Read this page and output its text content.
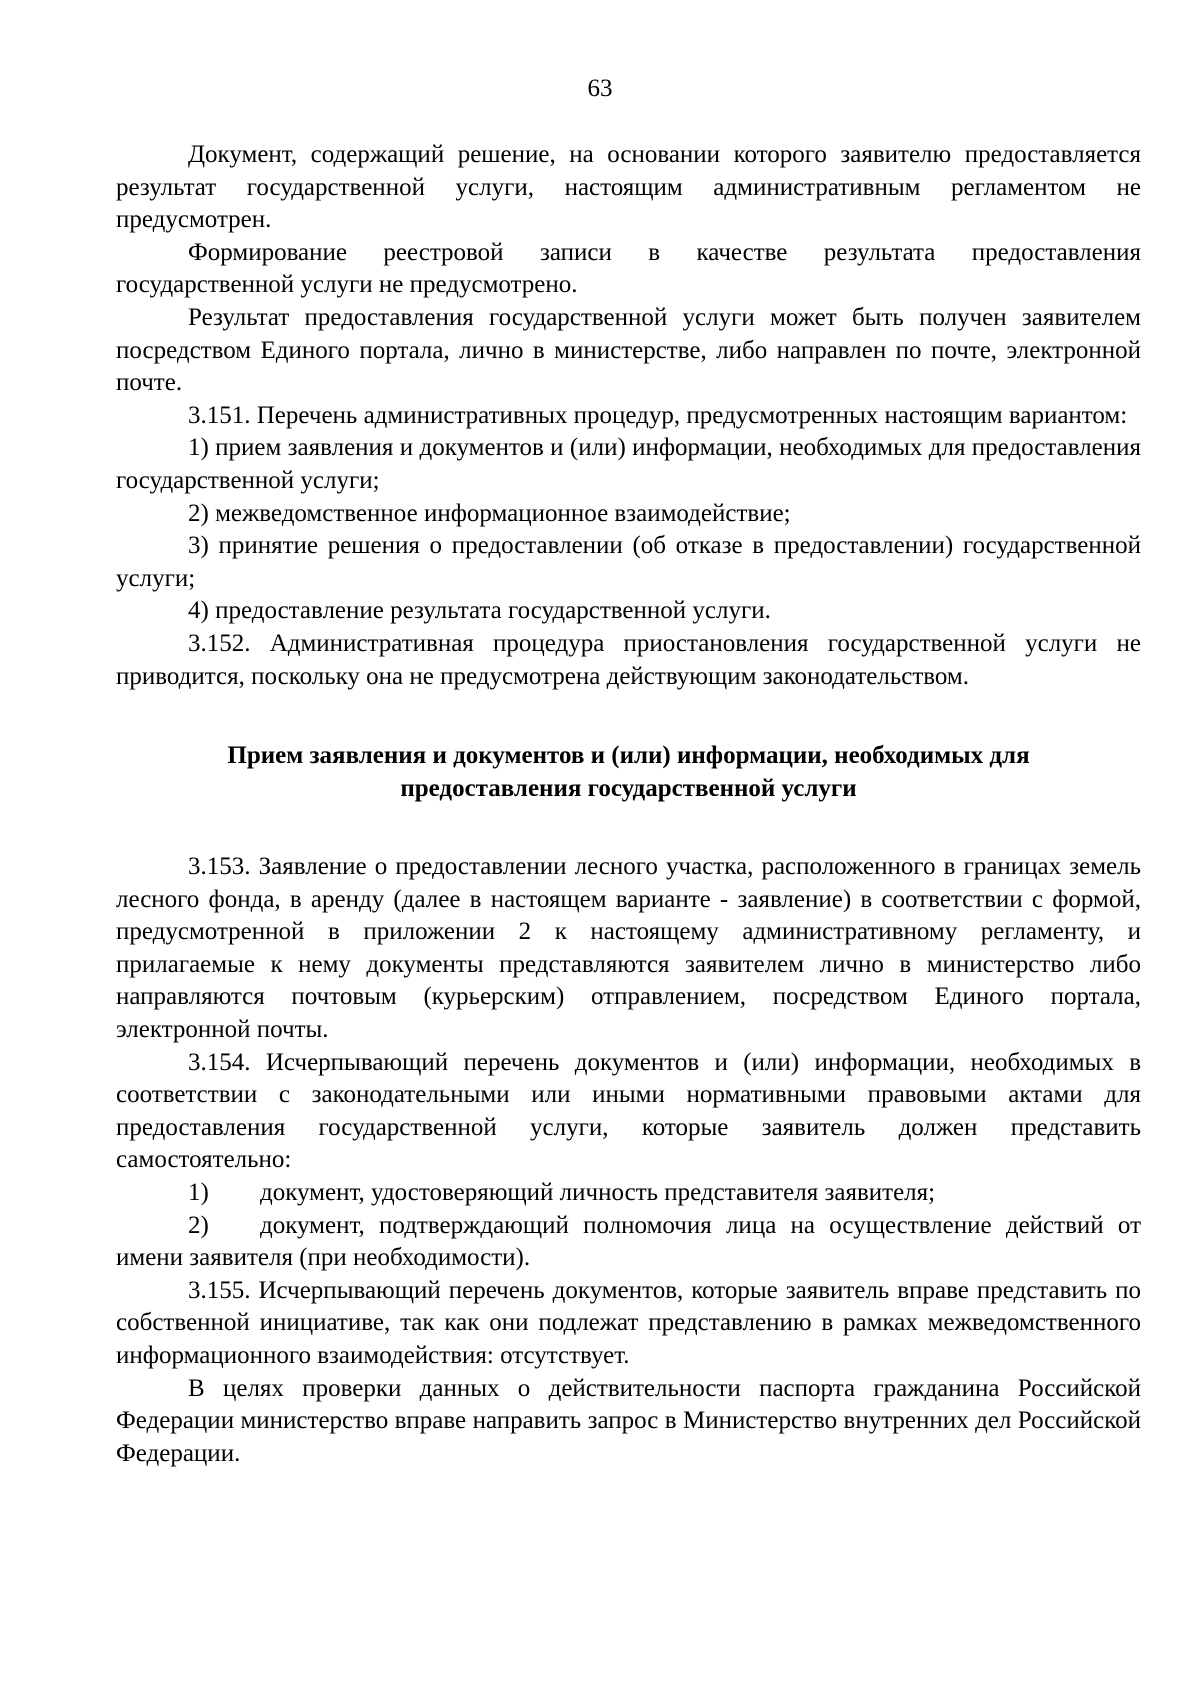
63

Документ, содержащий решение, на основании которого заявителю предоставляется результат государственной услуги, настоящим административным регламентом не предусмотрен.

Формирование реестровой записи в качестве результата предоставления государственной услуги не предусмотрено.

Результат предоставления государственной услуги может быть получен заявителем посредством Единого портала, лично в министерстве, либо направлен по почте, электронной почте.

3.151. Перечень административных процедур, предусмотренных настоящим вариантом:

1) прием заявления и документов и (или) информации, необходимых для предоставления государственной услуги;

2) межведомственное информационное взаимодействие;

3) принятие решения о предоставлении (об отказе в предоставлении) государственной услуги;

4) предоставление результата государственной услуги.

3.152. Административная процедура приостановления государственной услуги не приводится, поскольку она не предусмотрена действующим законодательством.

Прием заявления и документов и (или) информации, необходимых для
предоставления государственной услуги

3.153. Заявление о предоставлении лесного участка, расположенного в границах земель лесного фонда, в аренду (далее в настоящем варианте - заявление) в соответствии с формой, предусмотренной в приложении 2 к настоящему административному регламенту, и прилагаемые к нему документы представляются заявителем лично в министерство либо направляются почтовым (курьерским) отправлением, посредством Единого портала, электронной почты.

3.154. Исчерпывающий перечень документов и (или) информации, необходимых в соответствии с законодательными или иными нормативными правовыми актами для предоставления государственной услуги, которые заявитель должен представить самостоятельно:

1) документ, удостоверяющий личность представителя заявителя;

2) документ, подтверждающий полномочия лица на осуществление действий от имени заявителя (при необходимости).

3.155. Исчерпывающий перечень документов, которые заявитель вправе представить по собственной инициативе, так как они подлежат представлению в рамках межведомственного информационного взаимодействия: отсутствует.

В целях проверки данных о действительности паспорта гражданина Российской Федерации министерство вправе направить запрос в Министерство внутренних дел Российской Федерации.
